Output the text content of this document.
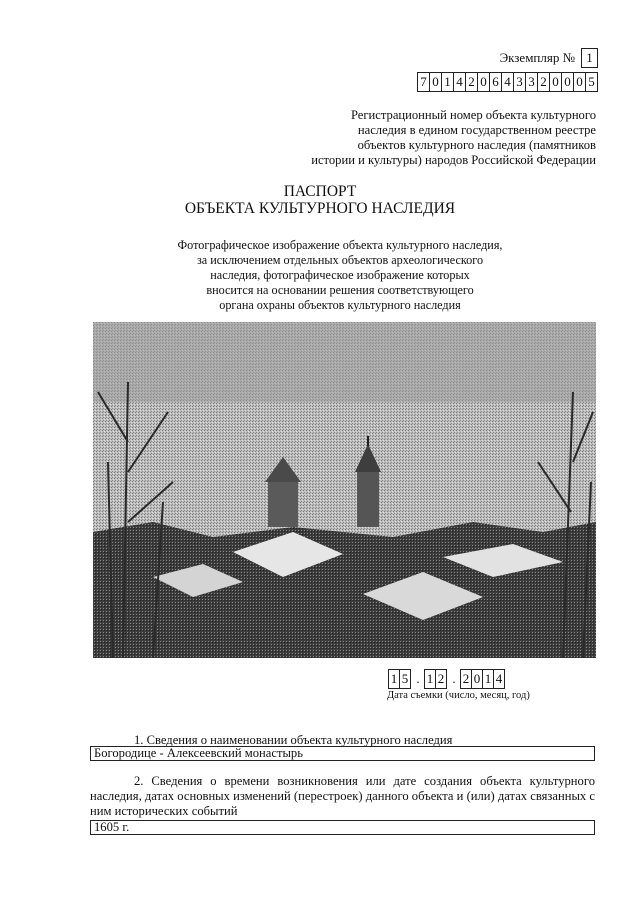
Экземпляр № 1
7 0 1 4 2 0 6 4 3 3 2 0 0 0 5
Регистрационный номер объекта культурного
наследия в едином государственном реестре
объектов культурного наследия (памятников
истории и культуры) народов Российской Федерации
ПАСПОРТ
ОБЪЕКТА КУЛЬТУРНОГО НАСЛЕДИЯ
Фотографическое изображение объекта культурного наследия,
за исключением отдельных объектов археологического
наследия, фотографическое изображение которых
вносится на основании решения соответствующего
органа охраны объектов культурного наследия
1 5 . 1 2 . 2 0 1 4
Дата съемки (число, месяц, год)
1. Сведения о наименовании объекта культурного наследия
Богородице - Алексеевский монастырь
2. Сведения о времени возникновения или дате создания объекта культурного наследия, датах основных изменений (перестроек) данного объекта и (или) датах связанных с ним исторических событий
1605 г.
